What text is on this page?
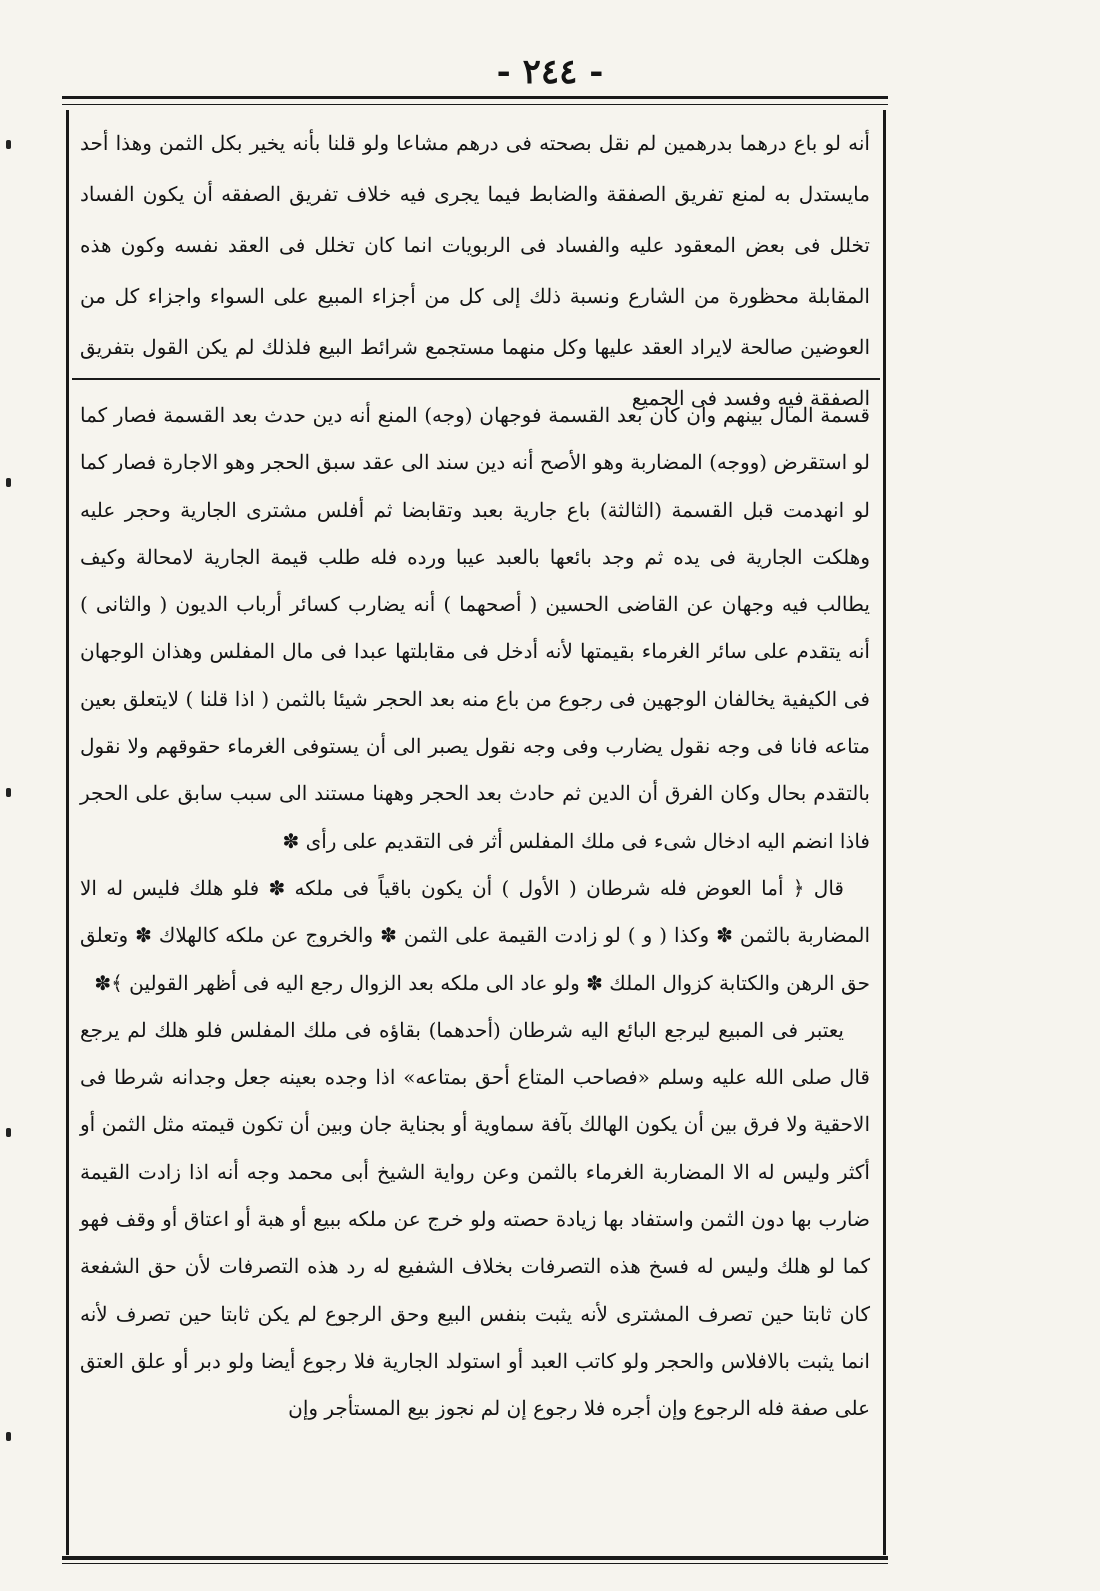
- ٢٤٤ -

أنه لو باع درهما بدرهمين لم نقل بصحته فى درهم مشاعا ولو قلنا بأنه يخير بكل الثمن وهذا أحد مايستدل به لمنع تفريق الصفقة والضابط فيما يجرى فيه خلاف تفريق الصفقه أن يكون الفساد تخلل فى بعض المعقود عليه والفساد فى الربويات انما كان تخلل فى العقد نفسه وكون هذه المقابلة محظورة من الشارع ونسبة ذلك إلى كل من أجزاء المبيع على السواء واجزاء كل من العوضين صالحة لايراد العقد عليها وكل منهما مستجمع شرائط البيع فلذلك لم يكن القول بتفريق الصفقة فيه وفسد فى الجميع

قسمة المال بينهم وان كان بعد القسمة فوجهان (وجه) المنع أنه دين حدث بعد القسمة فصار كما لو استقرض (ووجه) المضاربة وهو الأصح أنه دين سند الى عقد سبق الحجر وهو الاجارة فصار كما لو انهدمت قبل القسمة (الثالثة) باع جارية بعبد وتقابضا ثم أفلس مشترى الجارية وحجر عليه وهلكت الجارية فى يده ثم وجد بائعها بالعبد عيبا ورده فله طلب قيمة الجارية لامحالة وكيف يطالب فيه وجهان عن القاضى الحسين ( أصحهما ) أنه يضارب كسائر أرباب الديون ( والثانى ) أنه يتقدم على سائر الغرماء بقيمتها لأنه أدخل فى مقابلتها عبدا فى مال المفلس وهذان الوجهان فى الكيفية يخالفان الوجهين فى رجوع من باع منه بعد الحجر شيئا بالثمن ( اذا قلنا ) لايتعلق بعين متاعه فانا فى وجه نقول يضارب وفى وجه نقول يصبر الى أن يستوفى الغرماء حقوقهم ولا نقول بالتقدم بحال وكان الفرق أن الدين ثم حادث بعد الحجر وههنا مستند الى سبب سابق على الحجر فاذا انضم اليه ادخال شىء فى ملك المفلس أثر فى التقديم على رأى ✽

قال ﴿ أما العوض فله شرطان ( الأول ) أن يكون باقياً فى ملكه ✽ فلو هلك فليس له الا المضاربة بالثمن ✽ وكذا ( و ) لو زادت القيمة على الثمن ✽ والخروج عن ملكه كالهلاك ✽ وتعلق حق الرهن والكتابة كزوال الملك ✽ ولو عاد الى ملكه بعد الزوال رجع اليه فى أظهر القولين ﴾✽

يعتبر فى المبيع ليرجع البائع اليه شرطان (أحدهما) بقاؤه فى ملك المفلس فلو هلك لم يرجع قال صلى الله عليه وسلم «فصاحب المتاع أحق بمتاعه» اذا وجده بعينه جعل وجدانه شرطا فى الاحقية ولا فرق بين أن يكون الهالك بآفة سماوية أو بجناية جان وبين أن تكون قيمته مثل الثمن أو أكثر وليس له الا المضاربة الغرماء بالثمن وعن رواية الشيخ أبى محمد وجه أنه اذا زادت القيمة ضارب بها دون الثمن واستفاد بها زيادة حصته ولو خرج عن ملكه ببيع أو هبة أو اعتاق أو وقف فهو كما لو هلك وليس له فسخ هذه التصرفات بخلاف الشفيع له رد هذه التصرفات لأن حق الشفعة كان ثابتا حين تصرف المشترى لأنه يثبت بنفس البيع وحق الرجوع لم يكن ثابتا حين تصرف لأنه انما يثبت بالافلاس والحجر ولو كاتب العبد أو استولد الجارية فلا رجوع أيضا ولو دبر أو علق العتق على صفة فله الرجوع وإن أجره فلا رجوع إن لم نجوز بيع المستأجر وإن
